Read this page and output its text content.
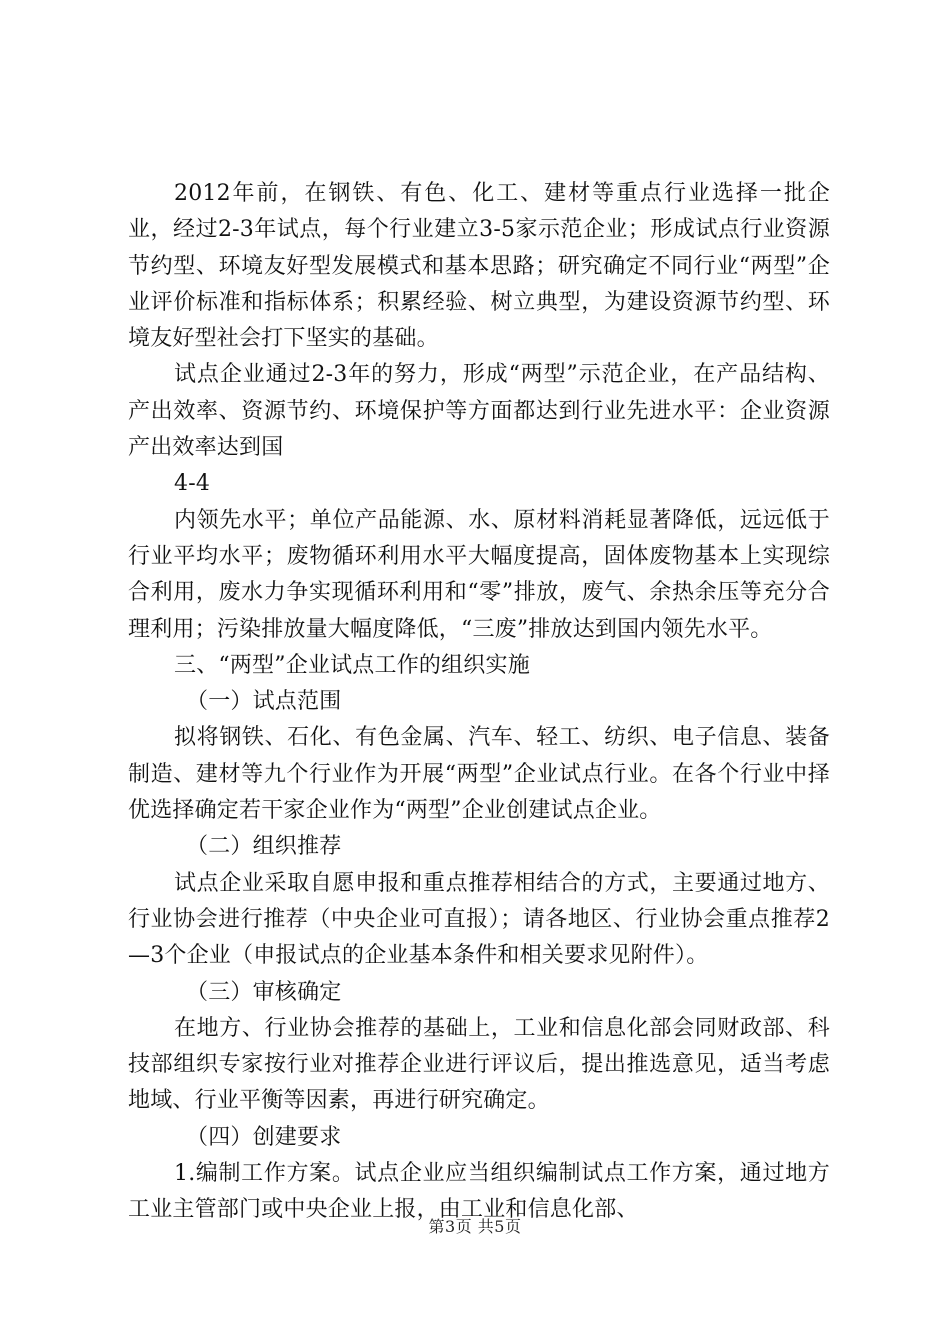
2012年前，在钢铁、有色、化工、建材等重点行业选择一批企业，经过2-3年试点，每个行业建立3-5家示范企业；形成试点行业资源节约型、环境友好型发展模式和基本思路；研究确定不同行业“两型”企业评价标准和指标体系；积累经验、树立典型，为建设资源节约型、环境友好型社会打下坚实的基础。

试点企业通过2-3年的努力，形成“两型”示范企业，在产品结构、产出效率、资源节约、环境保护等方面都达到行业先进水平：企业资源产出效率达到国

4-4

内领先水平；单位产品能源、水、原材料消耗显著降低，远远低于行业平均水平；废物循环利用水平大幅度提高，固体废物基本上实现综合利用，废水力争实现循环利用和“零”排放，废气、余热余压等充分合理利用；污染排放量大幅度降低，“三废”排放达到国内领先水平。

三、“两型”企业试点工作的组织实施

（一）试点范围

拟将钢铁、石化、有色金属、汽车、轻工、纺织、电子信息、装备制造、建材等九个行业作为开展“两型”企业试点行业。在各个行业中择优选择确定若干家企业作为“两型”企业创建试点企业。

（二）组织推荐

试点企业采取自愿申报和重点推荐相结合的方式，主要通过地方、行业协会进行推荐（中央企业可直报）；请各地区、行业协会重点推荐2—3个企业（申报试点的企业基本条件和相关要求见附件）。

（三）审核确定

在地方、行业协会推荐的基础上，工业和信息化部会同财政部、科技部组织专家按行业对推荐企业进行评议后，提出推选意见，适当考虑地域、行业平衡等因素，再进行研究确定。

（四）创建要求

1.编制工作方案。试点企业应当组织编制试点工作方案，通过地方工业主管部门或中央企业上报，由工业和信息化部、

第3页 共5页
